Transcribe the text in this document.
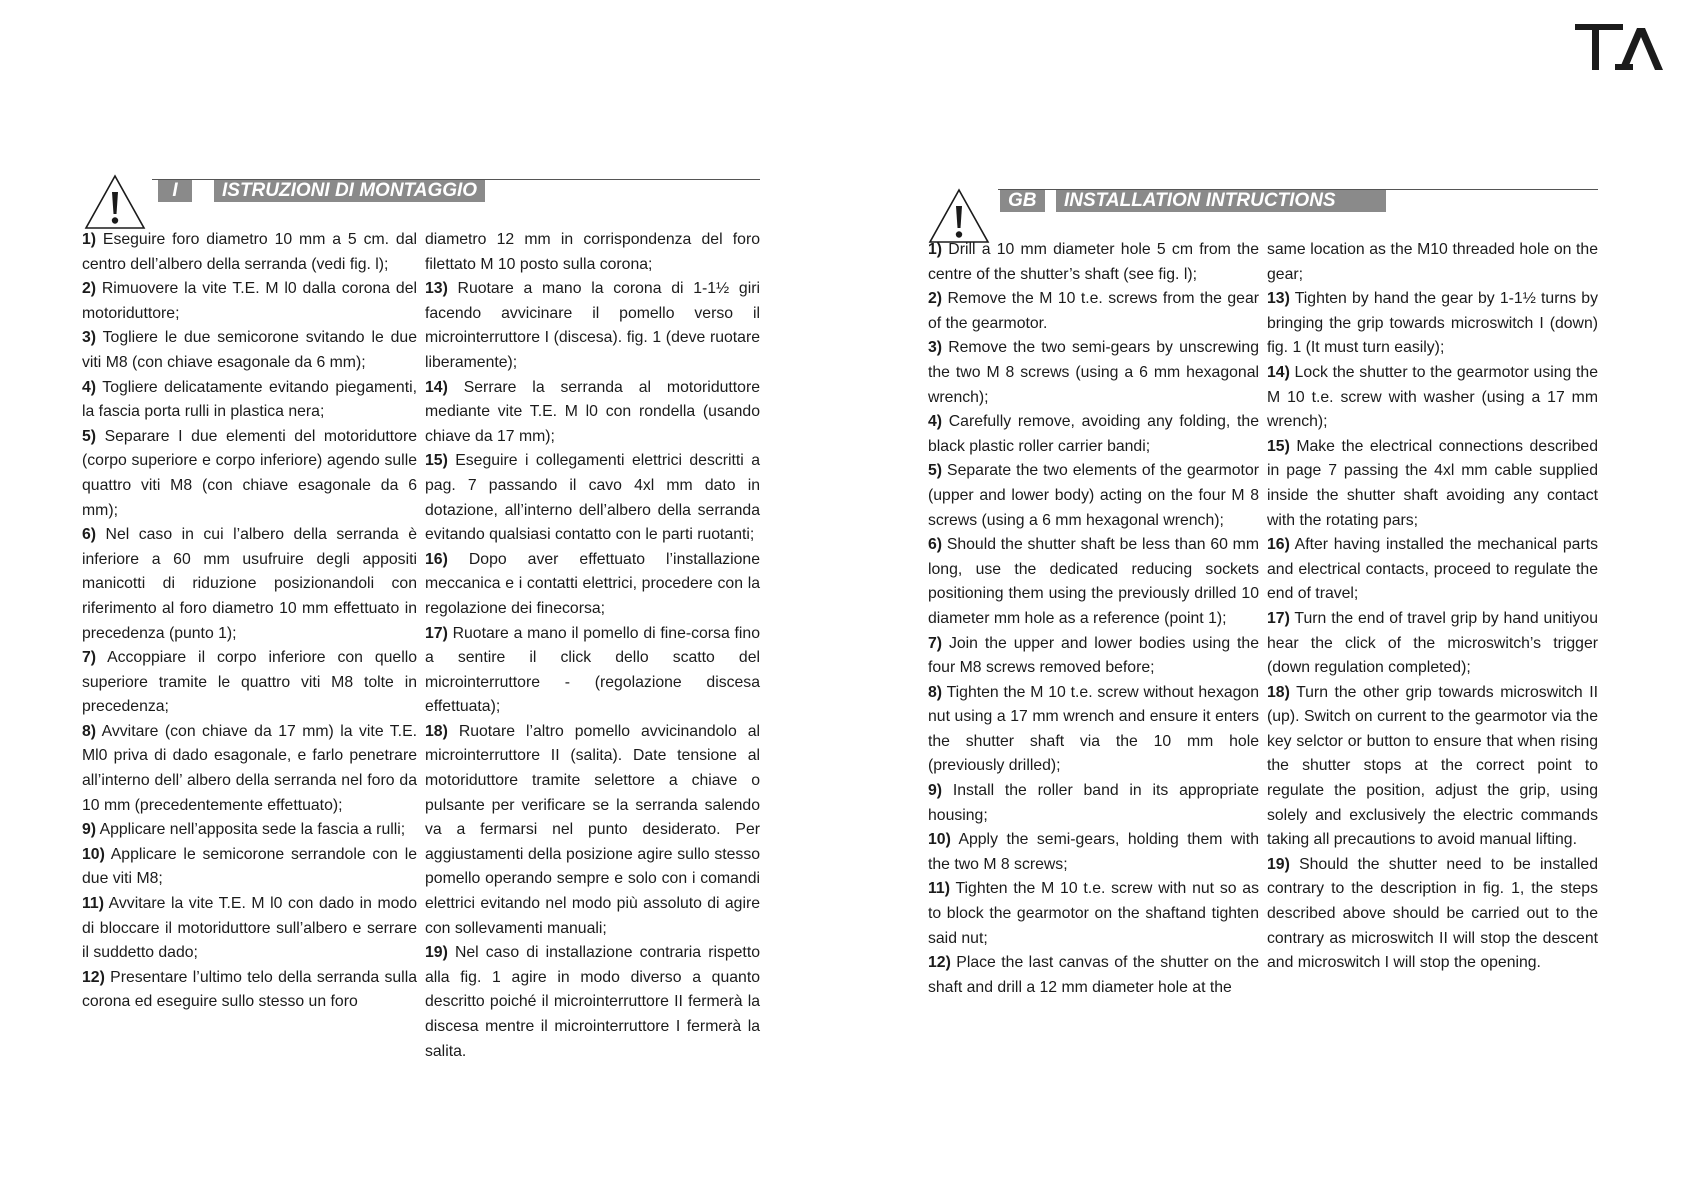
I	ISTRUZIONI DI MONTAGGIO

1) Eseguire foro diametro 10 mm a 5 cm. dal centro dell’albero della serranda (vedi fig. l);

2) Rimuovere la vite T.E. M l0 dalla corona del motoriduttore;

3) Togliere le due semicorone svitando le due viti M8 (con chiave esagonale da 6 mm);

4) Togliere delicatamente evitando piegamenti, la fascia porta rulli in plastica nera;

5) Separare I due elementi del motoriduttore (corpo superiore e corpo inferiore) agendo sulle quattro viti M8 (con chiave esagonale da 6 mm);

6) Nel caso in cui l’albero della serranda è inferiore a 60 mm usufruire degli appositi manicotti di riduzione posizionandoli con riferimento al foro diametro 10 mm effettuato in precedenza (punto 1);

7) Accoppiare il corpo inferiore con quello superiore tramite le quattro viti M8 tolte in precedenza;

8) Avvitare (con chiave da 17 mm) la vite T.E. Ml0 priva di dado esagonale, e farlo penetrare all’interno dell’ albero della serranda nel foro da 10 mm (precedentemente effettuato);

9) Applicare nell’apposita sede la fascia a rulli;

10) Applicare le semicorone serrandole con le due viti M8;

11) Avvitare la vite T.E. M l0 con dado in modo di bloccare il motoriduttore sull’albero e serrare il suddetto dado;

12) Presentare l’ultimo telo della serranda sulla corona ed eseguire sullo stesso un foro

diametro 12 mm in corrispondenza del foro filettato M 10 posto sulla corona;

13) Ruotare a mano la corona di 1-1½ giri facendo avvicinare il pomello verso il microinterruttore I (discesa). fig. 1 (deve ruotare liberamente);

14) Serrare la serranda al motoriduttore mediante vite T.E. M l0 con rondella (usando chiave da 17 mm);

15) Eseguire i collegamenti elettrici descritti a pag. 7 passando il cavo 4xl mm dato in dotazione, all’interno dell’albero della serranda evitando qualsiasi contatto con le parti ruotanti;

16) Dopo aver effettuato l’installazione meccanica e i contatti elettrici, procedere con la regolazione dei finecorsa;

17) Ruotare a mano il pomello di fine-corsa fino a sentire il click dello scatto del microinterruttore - (regolazione discesa effettuata);

18) Ruotare l’altro pomello avvicinandolo al microinterruttore II (salita). Date tensione al motoriduttore tramite selettore a chiave o pulsante per verificare se la serranda salendo va a fermarsi nel punto desiderato. Per aggiustamenti della posizione agire sullo stesso pomello operando sempre e solo con i comandi elettrici evitando nel modo più assoluto di agire con sollevamenti manuali;

19) Nel caso di installazione contraria rispetto alla fig. 1 agire in modo diverso a quanto descritto poiché il microinterruttore II fermerà la discesa mentre il microinterruttore I fermerà la salita.

GB	INSTALLATION INTRUCTIONS

1) Drill a 10 mm diameter hole 5 cm from the centre of the shutter’s shaft (see fig. l);

2) Remove the M 10 t.e. screws from the gear of the gearmotor.

3) Remove the two semi-gears by unscrewing the two M 8 screws (using a 6 mm hexagonal wrench);

4) Carefully remove, avoiding any folding, the black plastic roller carrier bandi;

5) Separate the two elements of the gearmotor (upper and lower body) acting on the four M 8 screws (using a 6 mm hexagonal wrench);

6) Should the shutter shaft be less than 60 mm long, use the dedicated reducing sockets positioning them using the previously drilled 10 diameter mm hole as a reference (point 1);

7) Join the upper and lower bodies using the four M8 screws removed before;

8) Tighten the M 10 t.e. screw without hexagon nut using a 17 mm wrench and ensure it enters the shutter shaft via the 10 mm hole (previously drilled);

9) Install the roller band in its appropriate housing;

10) Apply the semi-gears, holding them with the two M 8 screws;

11) Tighten the M 10 t.e. screw with nut so as to block the gearmotor on the shaftand tighten said nut;

12) Place the last canvas of the shutter on the shaft and drill a 12 mm diameter hole at the

same location as the M10 threaded hole on the gear;

13) Tighten by hand the gear by 1-1½ turns by bringing the grip towards microswitch I (down) fig. 1 (It must turn easily);

14) Lock the shutter to the gearmotor using the M 10 t.e. screw with washer (using a 17 mm wrench);

15) Make the electrical connections described in page 7 passing the 4xl mm cable supplied inside the shutter shaft avoiding any contact with the rotating pars;

16) After having installed the mechanical parts and electrical contacts, proceed to regulate the end of travel;

17) Turn the end of travel grip by hand unitiyou hear the click of the microswitch’s trigger (down regulation completed);

18) Turn the other grip towards microswitch II (up). Switch on current to the gearmotor via the key selctor or button to ensure that when rising the shutter stops at the correct point to regulate the position, adjust the grip, using solely and exclusively the electric commands taking all precautions to avoid manual lifting.

19) Should the shutter need to be installed contrary to the description in fig. 1, the steps described above should be carried out to the contrary as microswitch II will stop the descent and microswitch I will stop the opening.
